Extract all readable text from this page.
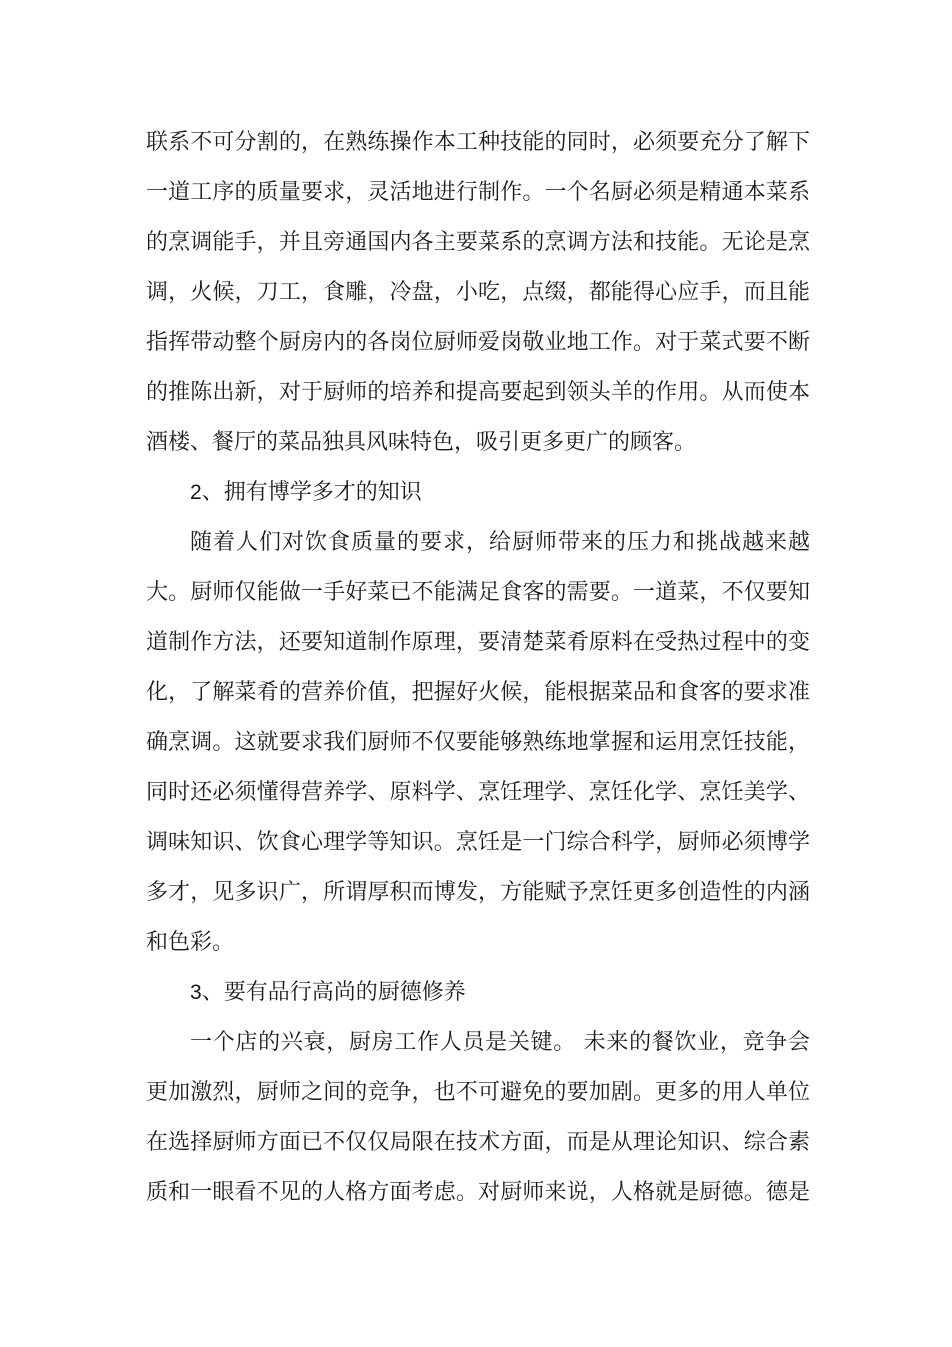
联系不可分割的，在熟练操作本工种技能的同时，必须要充分了解下
一道工序的质量要求，灵活地进行制作。一个名厨必须是精通本菜系
的烹调能手，并且旁通国内各主要菜系的烹调方法和技能。无论是烹
调，火候，刀工，食雕，冷盘，小吃，点缀，都能得心应手，而且能
指挥带动整个厨房内的各岗位厨师爱岗敬业地工作。对于菜式要不断
的推陈出新，对于厨师的培养和提高要起到领头羊的作用。从而使本
酒楼、餐厅的菜品独具风味特色，吸引更多更广的顾客。
2、拥有博学多才的知识
随着人们对饮食质量的要求，给厨师带来的压力和挑战越来越
大。厨师仅能做一手好菜已不能满足食客的需要。一道菜，不仅要知
道制作方法，还要知道制作原理，要清楚菜肴原料在受热过程中的变
化，了解菜肴的营养价值，把握好火候，能根据菜品和食客的要求准
确烹调。这就要求我们厨师不仅要能够熟练地掌握和运用烹饪技能，
同时还必须懂得营养学、原料学、烹饪理学、烹饪化学、烹饪美学、
调味知识、饮食心理学等知识。烹饪是一门综合科学，厨师必须博学
多才，见多识广，所谓厚积而博发，方能赋予烹饪更多创造性的内涵
和色彩。
3、要有品行高尚的厨德修养
一个店的兴衰，厨房工作人员是关键。 未来的餐饮业，竞争会
更加激烈，厨师之间的竞争，也不可避免的要加剧。更多的用人单位
在选择厨师方面已不仅仅局限在技术方面，而是从理论知识、综合素
质和一眼看不见的人格方面考虑。对厨师来说，人格就是厨德。德是
